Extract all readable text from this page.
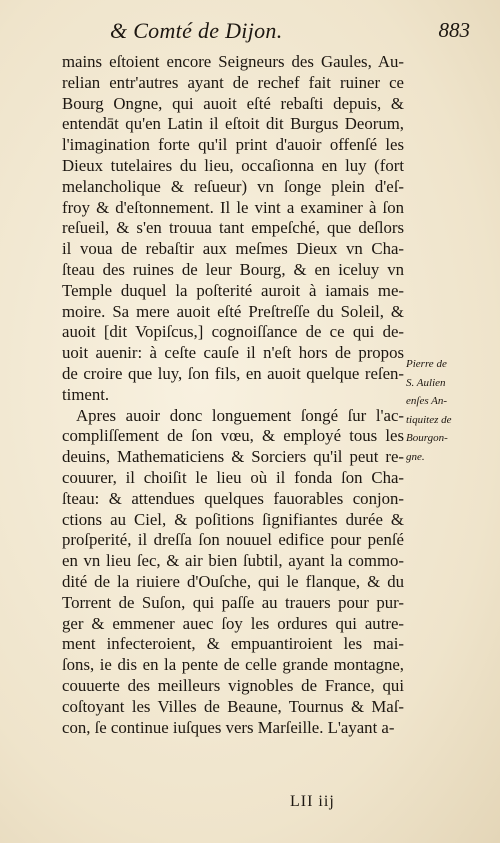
& Comté de Dijon.	883
mains eſtoient encore Seigneurs des Gaules, Au-
relian entr'autres ayant de rechef fait ruiner ce
Bourg Ongne, qui auoit eſté rebaſti depuis, &
entendāt qu'en Latin il eſtoit dit Burgus Deorum,
l'imagination forte qu'il print d'auoir offenſé les
Dieux tutelaires du lieu, occaſionna en luy (fort
melancholique & reſueur) vn ſonge plein d'eſ-
froy & d'eſtonnement. Il le vint a examiner à ſon
reſueil, & s'en trouua tant empeſché, que deſlors
il voua de rebaſtir aux meſmes Dieux vn Cha-
ſteau des ruines de leur Bourg, & en iceluy vn
Temple duquel la poſterité auroit à iamais me-
moire. Sa mere auoit eſté Preſtreſſe du Soleil, &
auoit [dit Vopiſcus,] cognoiſſance de ce qui de-
uoit auenir: à ceſte cauſe il n'eſt hors de propos
de croire que luy, ſon fils, en auoit quelque reſen-
timent.
Apres auoir donc longuement ſongé ſur l'ac-
compliſſement de ſon vœu, & employé tous les
deuins, Mathematiciens & Sorciers qu'il peut re-
couurer, il choiſit le lieu où il fonda ſon Cha-
ſteau: & attendues quelques fauorables conjon-
ctions au Ciel, & poſitions ſignifiantes durée &
proſperité, il dreſſa ſon nouuel edifice pour penſé
en vn lieu ſec, & air bien ſubtil, ayant la commo-
dité de la riuiere d'Ouſche, qui le flanque, & du
Torrent de Suſon, qui paſſe au trauers pour pur-
ger & emmener auec ſoy les ordures qui autre-
ment infecteroient, & empuantiroient les mai-
ſons, ie dis en la pente de celle grande montagne,
couuerte des meilleurs vignobles de France, qui
coſtoyant les Villes de Beaune, Tournus & Maſ-
con, ſe continue iuſques vers Marſeille. L'ayant a-
Pierre de
S. Aulien
enſes An-
tiquitez de
Bourgon-
gne.
LII iij
